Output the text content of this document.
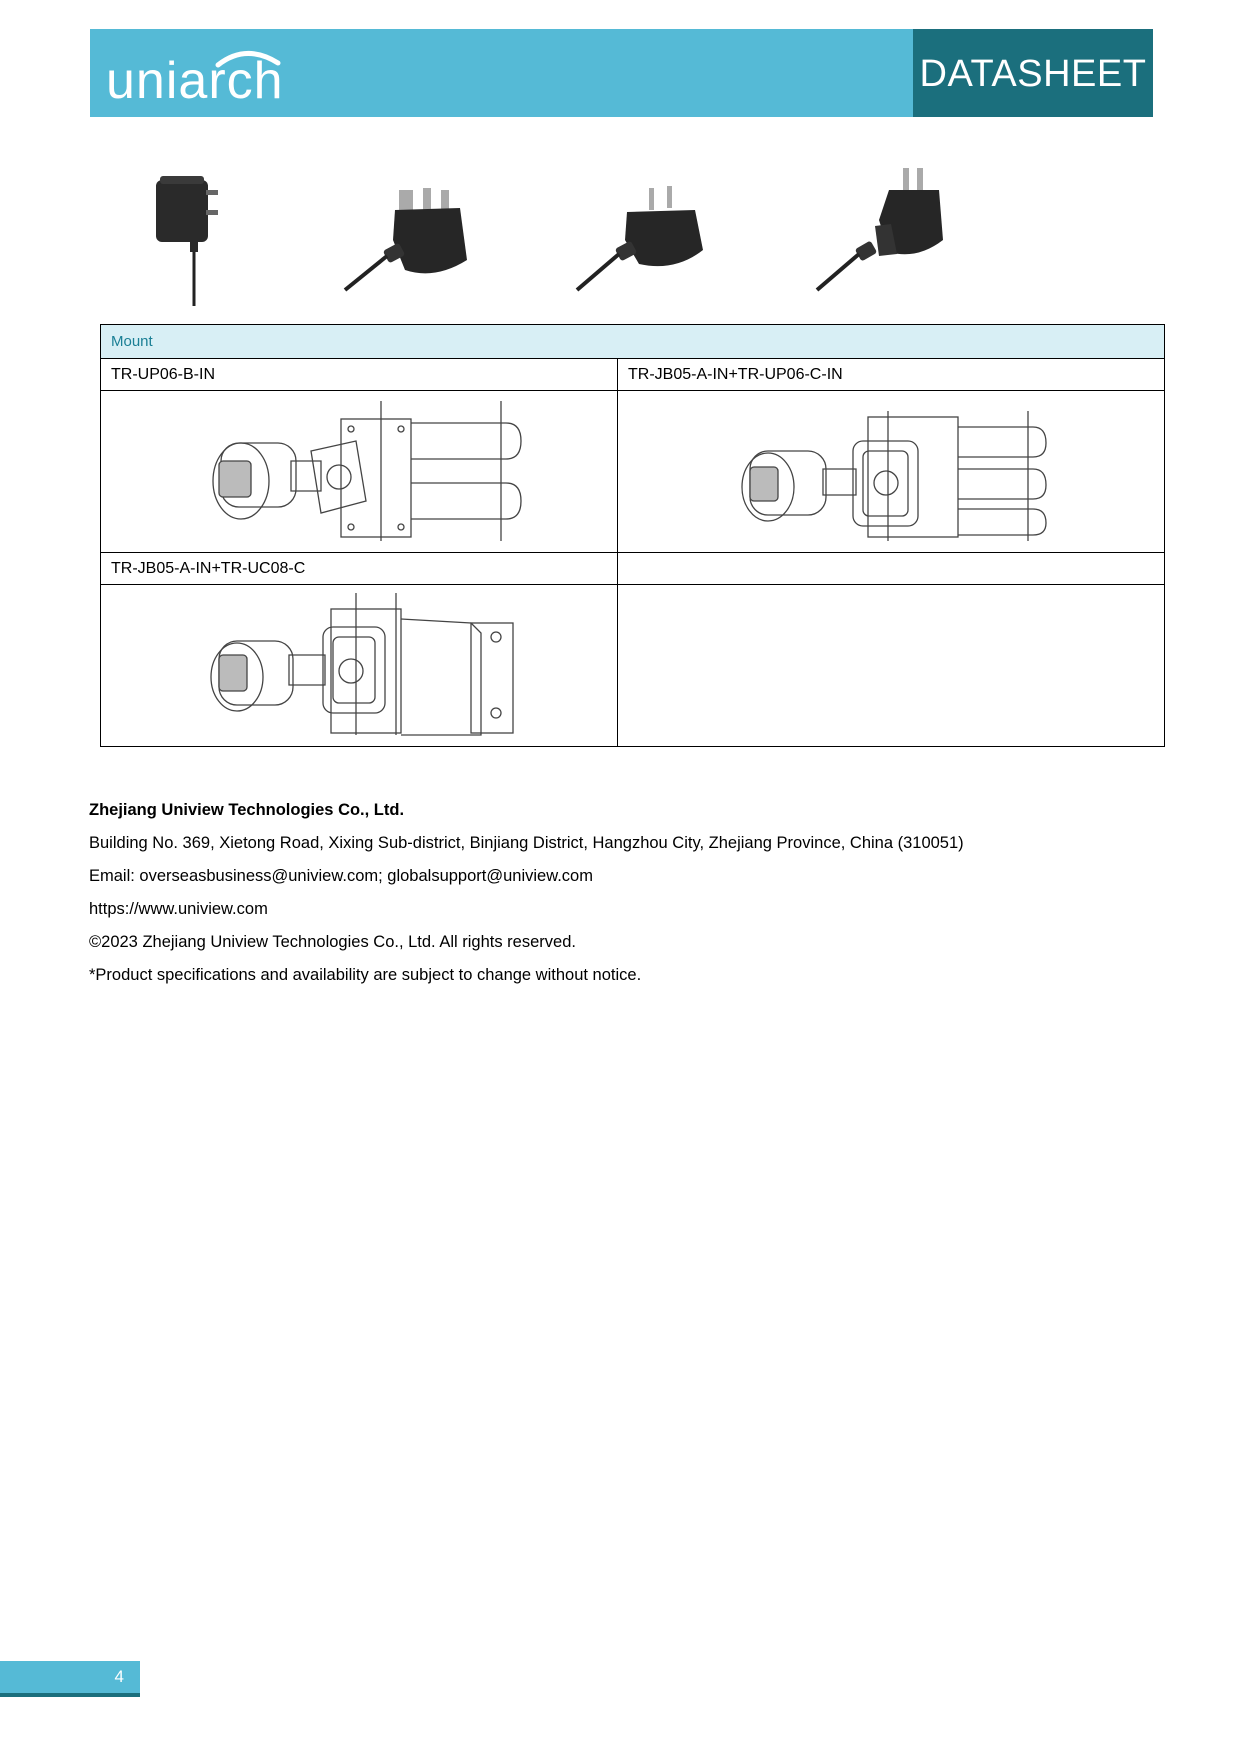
uniarch	DATASHEET
Mount	
TR-UP06-B-IN	TR-JB05-A-IN+TR-UP06-C-IN

TR-JB05-A-IN+TR-UC08-C	

Zhejiang Uniview Technologies Co., Ltd.
Building No. 369, Xietong Road, Xixing Sub-district, Binjiang District, Hangzhou City, Zhejiang Province, China (310051)
Email: overseasbusiness@uniview.com; globalsupport@uniview.com
https://www.uniview.com
©2023 Zhejiang Uniview Technologies Co., Ltd. All rights reserved.
*Product specifications and availability are subject to change without notice.
4
